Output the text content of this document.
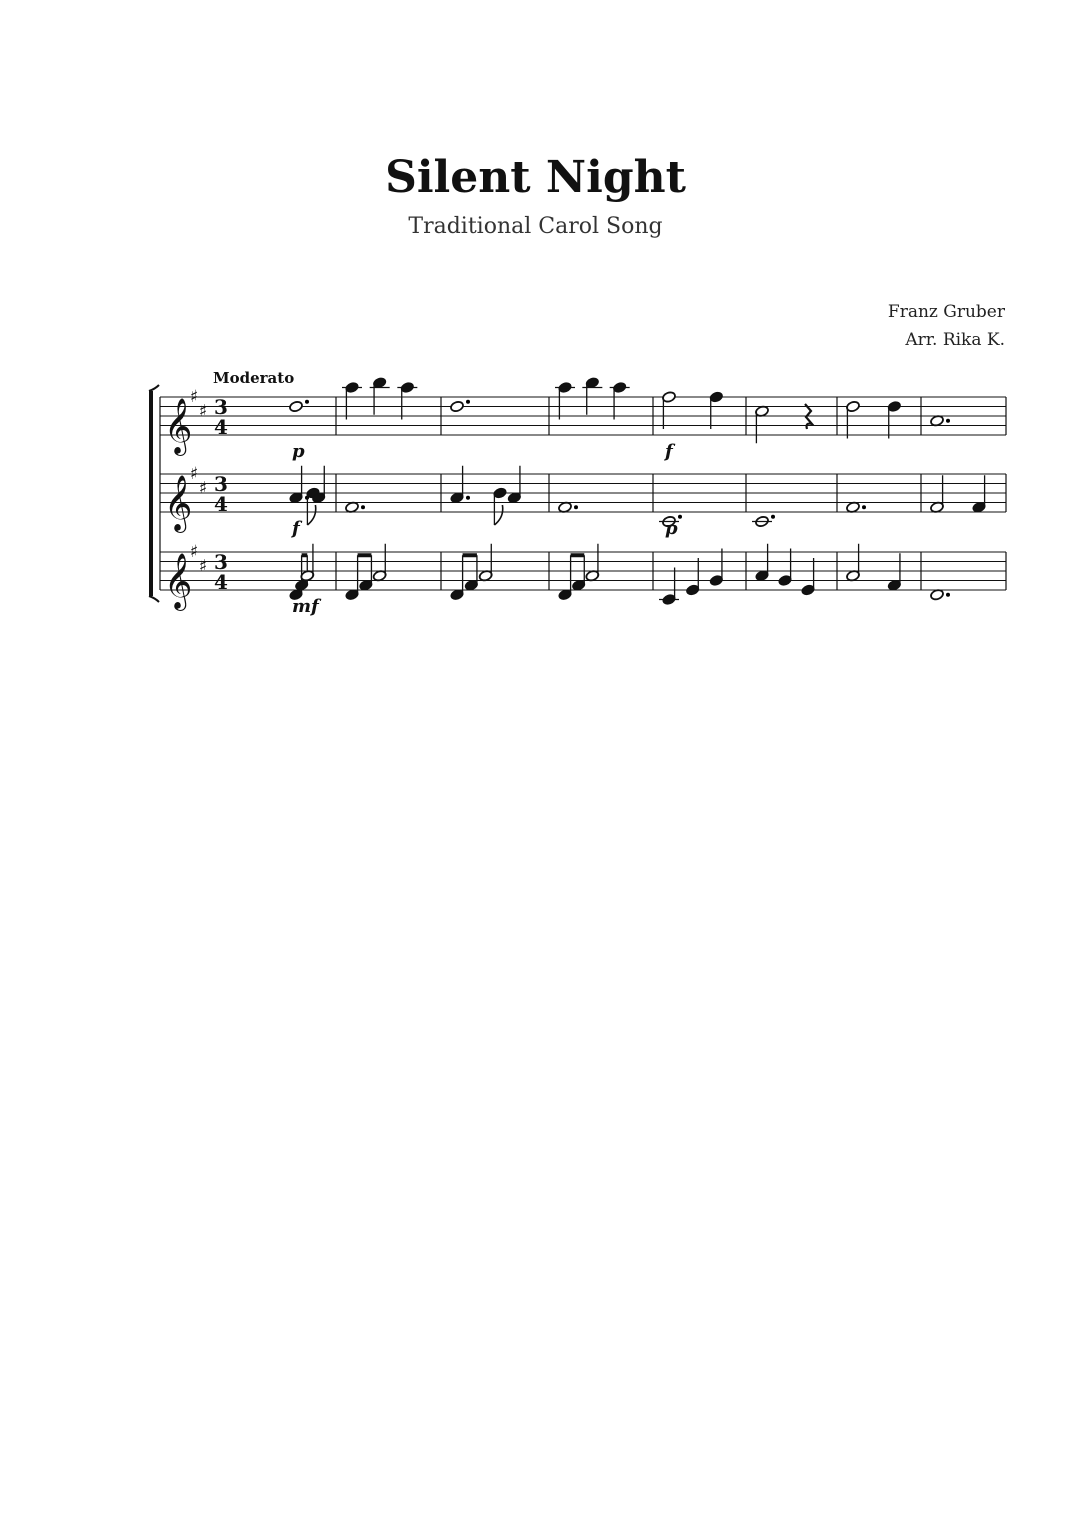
Silent Night
Traditional Carol Song
Franz Gruber
Arr. Rika K.
𝄞
♯
♯ 3
4
𝄞
♯
♯ 3
4
𝄞
♯
♯ 3
4
p
f
mf
f
p
Moderato
